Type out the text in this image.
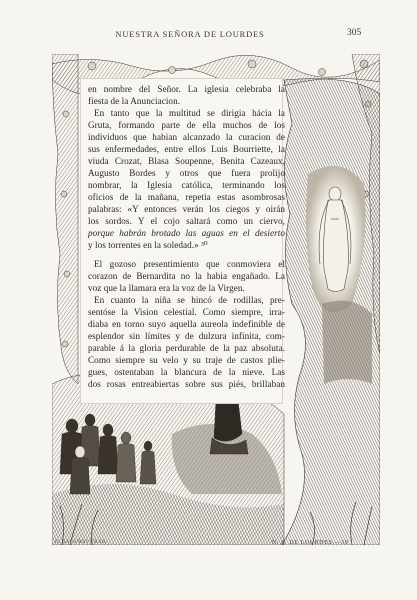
NUESTRA SEÑORA DE LOURDES	305
en nombre del Señor. La iglesia celebraba la
fiesta de la Anunciacion.
En tanto que la multitud se dirigia hácia la
Gruta, formando parte de ella muchos de los
individuos que habian alcanzado la curacion de
sus enfermedades, entre ellos Luis Bourriette, la
viuda Crozat, Blasa Soupenne, Benita Cazeaux,
Augusto Bordes y otros que fuera prolijo
nombrar, la Iglesia católica, terminando los
oficios de la mañana, repetia estas asombrosas
palabras: «Y entonces verán los ciegos y oirán
los sordos. Y el cojo saltará como un ciervo,
porque habrán brotado las aguas en el desierto
y los torrentes en la soledad.» ³⁰
El gozoso presentimiento que conmoviera el
corazon de Bernardita no la habia engañado. La
voz que la llamara era la voz de la Virgen.
En cuanto la niña se hincó de rodillas, pre-
sentóse la Vision celestial. Como siempre, irra-
diaba en torno suyo aquella aureola indefinible de
esplendor sin límites y de dulzura infinita, com-
parable á la gloria perdurable de la paz absoluta.
Como siempre su velo y su traje de castos plie-
gues, ostentaban la blancura de la nieve. Las
dos rosas entreabiertas sobre sus piés, brillaban
D. SADURNI GRAB.	N. S. DE LOURDES.—39
